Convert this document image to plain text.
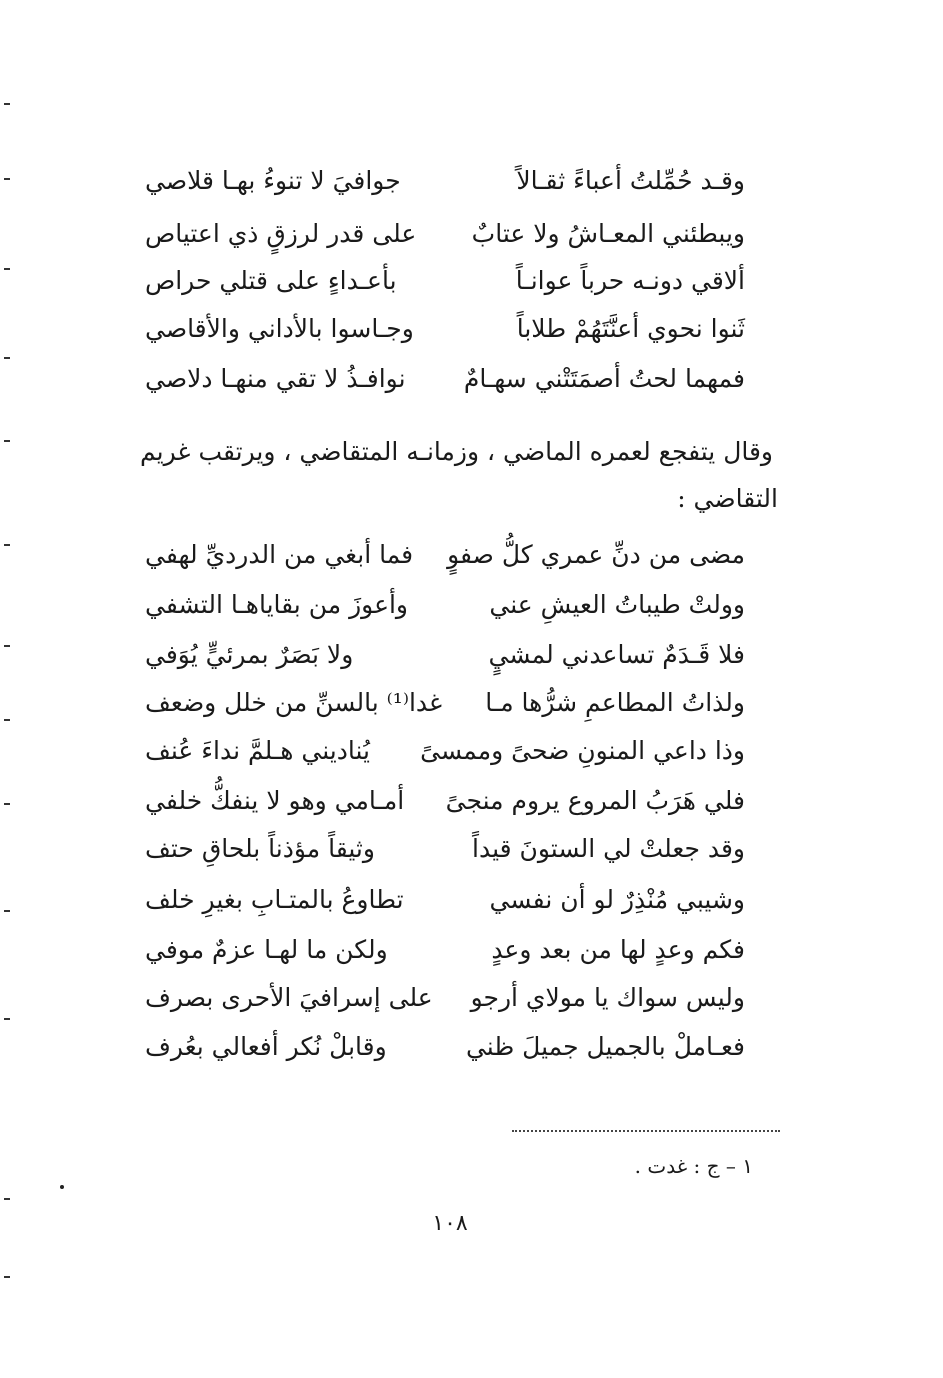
وقـد حُمِّلتُ أعباءً ثقـالاً
جوافيَ لا تنوءُ بهـا قلاصي
ويبطئني المعـاشُ ولا عتابٌ
على قدر لرزقٍ ذي اعتياص
ألاقي دونـه حرباً عوانـاً
بأعـداءٍ على قتلي حراص
ثَنوا نحوي أعنَّتَهُمْ طلاباً
وجـاسوا بالأداني والأقاصي
فمهما لحتُ أصمَتَتْني سهـامٌ
نوافـذُ لا تقي منهـا دلاصي
وقال يتفجع لعمره الماضي ، وزمانـه المتقاضي ، ويرتقب غريم
التقاضي :
مضى من دنِّ عمري كلُّ صفوٍ
فما أبغي من الدرديِّ لهفي
وولتْ طيباتُ العيشِ عني
وأعوزَ من بقاياهـا التشفي
فلا قَـدَمٌ تساعدني لمشيٍ
ولا بَصَرٌ بمرئيٍّ يُوَفي
ولذاتُ المطاعمِ شرُّها مـا
غدا⁽¹⁾ بالسنِّ من خلل وضعف
وذا داعي المنونِ ضحىً وممسىً
يُناديني هـلمَّ نداءَ عُنف
فلي هَرَبُ المروع يروم منجىً
أمـامي وهو لا ينفكُّ خلفي
وقد جعلتْ لي الستونَ قيداً
وثيقاً مؤذناً بلحاقِ حتف
وشيبي مُنْذِرٌ لو أن نفسي
تطاوعُ بالمتـابِ بغيرِ خلف
فكم وعدٍ لها من بعد وعدٍ
ولكن ما لهـا عزمٌ موفي
وليس سواك يا مولاي أرجو
على إسرافيَ الأحرى بصرف
فعـاملْ بالجميل جميلَ ظني
وقابلْ نُكر أفعالي بعُرف
١ – ج : غدت .
١٠٨
